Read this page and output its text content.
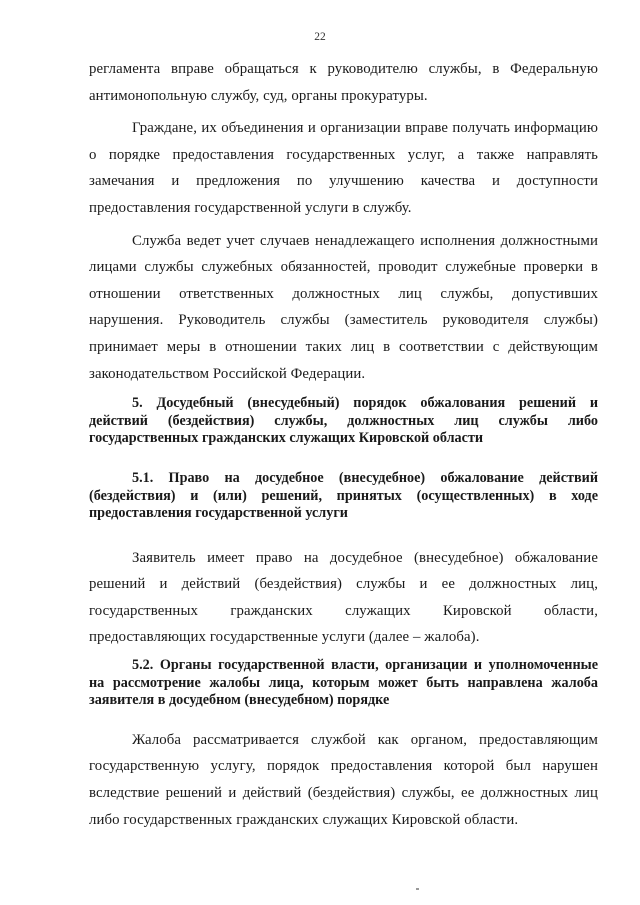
22

регламента вправе обращаться к руководителю службы, в Федеральную антимонопольную службу, суд, органы прокуратуры.

Граждане, их объединения и организации вправе получать информацию о порядке предоставления государственных услуг, а также направлять замечания и предложения по улучшению качества и доступности предоставления государственной услуги в службу.

Служба ведет учет случаев ненадлежащего исполнения должностными лицами службы служебных обязанностей, проводит служебные проверки в отношении ответственных должностных лиц службы, допустивших нарушения. Руководитель службы (заместитель руководителя службы) принимает меры в отношении таких лиц в соответствии с действующим законодательством Российской Федерации.

5. Досудебный (внесудебный) порядок обжалования решений и действий (бездействия) службы, должностных лиц службы либо государственных гражданских служащих Кировской области

5.1. Право на досудебное (внесудебное) обжалование действий (бездействия) и (или) решений, принятых (осуществленных) в ходе предоставления государственной услуги

Заявитель имеет право на досудебное (внесудебное) обжалование решений и действий (бездействия) службы и ее должностных лиц, государственных гражданских служащих Кировской области, предоставляющих государственные услуги (далее – жалоба).

5.2. Органы государственной власти, организации и уполномоченные на рассмотрение жалобы лица, которым может быть направлена жалоба заявителя в досудебном (внесудебном) порядке

Жалоба рассматривается службой как органом, предоставляющим государственную услугу, порядок предоставления которой был нарушен вследствие решений и действий (бездействия) службы, ее должностных лиц либо государственных гражданских служащих Кировской области.
